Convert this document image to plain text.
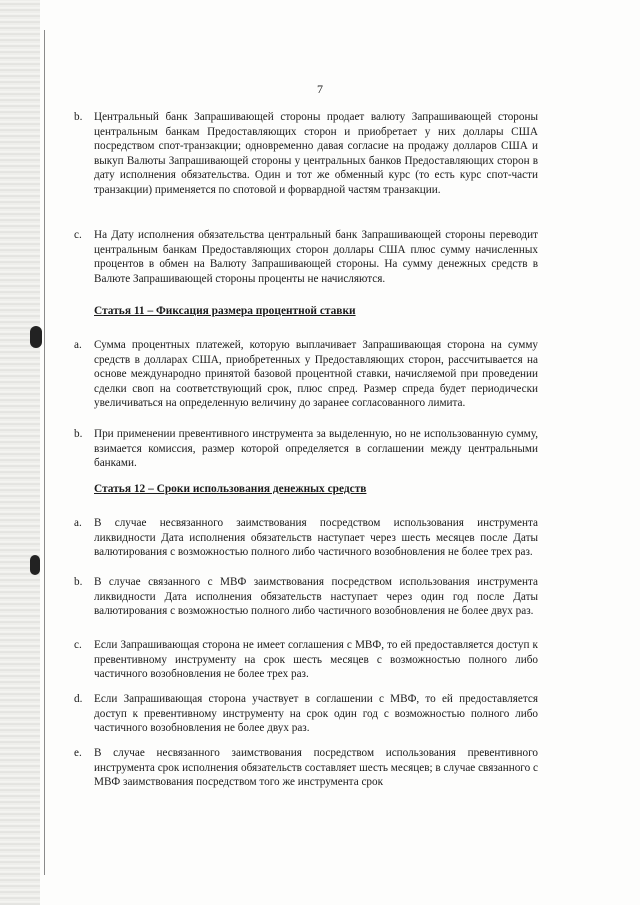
7
b. Центральный банк Запрашивающей стороны продает валюту Запрашивающей стороны центральным банкам Предоставляющих сторон и приобретает у них доллары США посредством спот-транзакции; одновременно давая согласие на продажу долларов США и выкуп Валюты Запрашивающей стороны у центральных банков Предоставляющих сторон в дату исполнения обязательства. Один и тот же обменный курс (то есть курс спот-части транзакции) применяется по спотовой и форвардной частям транзакции.
c. На Дату исполнения обязательства центральный банк Запрашивающей стороны переводит центральным банкам Предоставляющих сторон доллары США плюс сумму начисленных процентов в обмен на Валюту Запрашивающей стороны. На сумму денежных средств в Валюте Запрашивающей стороны проценты не начисляются.
Статья 11 – Фиксация размера процентной ставки
a. Сумма процентных платежей, которую выплачивает Запрашивающая сторона на сумму средств в долларах США, приобретенных у Предоставляющих сторон, рассчитывается на основе международно принятой базовой процентной ставки, начисляемой при проведении сделки своп на соответствующий срок, плюс спред. Размер спреда будет периодически увеличиваться на определенную величину до заранее согласованного лимита.
b. При применении превентивного инструмента за выделенную, но не использованную сумму, взимается комиссия, размер которой определяется в соглашении между центральными банками.
Статья 12 – Сроки использования денежных средств
a. В случае несвязанного заимствования посредством использования инструмента ликвидности Дата исполнения обязательств наступает через шесть месяцев после Даты валютирования с возможностью полного либо частичного возобновления не более трех раз.
b. В случае связанного с МВФ заимствования посредством использования инструмента ликвидности Дата исполнения обязательств наступает через один год после Даты валютирования с возможностью полного либо частичного возобновления не более двух раз.
c. Если Запрашивающая сторона не имеет соглашения с МВФ, то ей предоставляется доступ к превентивному инструменту на срок шесть месяцев с возможностью полного либо частичного возобновления не более трех раз.
d. Если Запрашивающая сторона участвует в соглашении с МВФ, то ей предоставляется доступ к превентивному инструменту на срок один год с возможностью полного либо частичного возобновления не более двух раз.
e. В случае несвязанного заимствования посредством использования превентивного инструмента срок исполнения обязательств составляет шесть месяцев; в случае связанного с МВФ заимствования посредством того же инструмента срок
